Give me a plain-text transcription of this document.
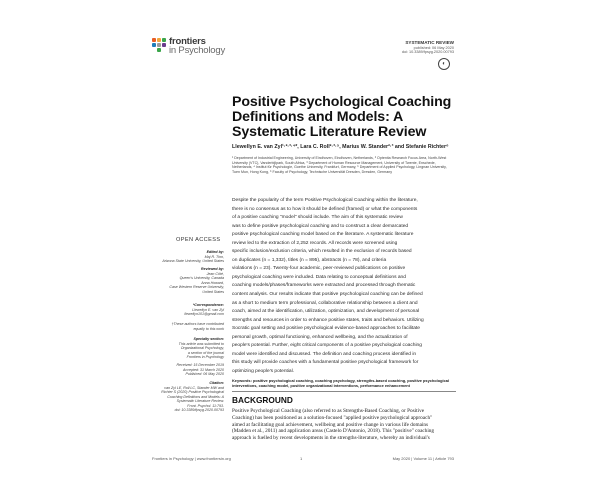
frontiers
in Psychology
SYSTEMATIC REVIEW
published: 06 May 2020
doi: 10.3389/fpsyg.2020.00793
◐
Positive Psychological Coaching Definitions and Models: A Systematic Literature Review
Llewellyn E. van Zyl¹·²·³·⁴*, Lara C. Roll²·³·⁵, Marius W. Stander²·³ and Stefanie Richter⁶
¹ Department of Industrial Engineering, University of Eindhoven, Eindhoven, Netherlands, ² Optentia Research Focus Area, North-West University (VTC), Vanderbijlpark, South Africa, ³ Department of Human Resource Management, University of Twente, Enschede, Netherlands, ⁴ Institut für Psychologie, Goethe University, Frankfurt, Germany, ⁵ Department of Applied Psychology, Lingnan University, Tuen Mun, Hong Kong, ⁶ Faculty of Psychology, Technische Universität Dresden, Dresden, Germany
OPEN ACCESS
Edited by:
Maj R. Tinn,
Arizona State University, United States
Reviewed by:
Jean Côté,
Queen's University, Canada
Anna Howard,
Case Western Reserve University,
United States
*Correspondence:
Llewellyn E. van Zyl
llewellyn101@gmail.com
†These authors have contributed
equally to this work
Specialty section:
This article was submitted to
Organizational Psychology,
a section of the journal
Frontiers in Psychology
Received: 15 December 2019
Accepted: 31 March 2020
Published: 06 May 2020
Citation:
van Zyl LE, Roll LC, Stander MW and
Richter S (2020) Positive Psychological
Coaching Definitions and Models: A
Systematic Literature Review.
Front. Psychol. 11:793.
doi: 10.3389/fpsyg.2020.00793
Despite the popularity of the term Positive Psychological Coaching within the literature,
there is no consensus as to how it should be defined (framed) or what the components
of a positive coaching "model" should include. The aim of this systematic review
was to define positive psychological coaching and to construct a clear demarcated
positive psychological coaching model based on the literature. A systematic literature
review led to the extraction of 2,252 records. All records were screened using
specific inclusion/exclusion criteria, which resulted in the exclusion of records based
on duplicates (n = 1,332), titles (n = 895), abstracts (n = 78), and criteria
violations (n = 23). Twenty-four academic, peer-reviewed publications on positive
psychological coaching were included. Data relating to conceptual definitions and
coaching models/phases/frameworks were extracted and processed through thematic
content analysis. Our results indicate that positive psychological coaching can be defined
as a short to medium term professional, collaborative relationship between a client and
coach, aimed at the identification, utilization, optimization, and development of personal
strengths and resources in order to enhance positive states, traits and behaviors. Utilizing
Socratic goal setting and positive psychological evidence-based approaches to facilitate
personal growth, optimal functioning, enhanced wellbeing, and the actualization of
people's potential. Further, eight critical components of a positive psychological coaching
model were identified and discussed. The definition and coaching process identified in
this study will provide coaches with a fundamental positive psychological framework for
optimizing people's potential.
Keywords: positive psychological coaching, coaching psychology, strengths-based coaching, positive psychological interventions, coaching model, positive organizational interventions, performance enhancement
BACKGROUND
Positive Psychological Coaching (also referred to as Strengths-Based Coaching, or Positive
Coaching) has been positioned as a solution-focused "applied positive psychological approach"
aimed at facilitating goal achievement, wellbeing and positive change in various life domains
(Madden et al., 2011) and application areas (Castelo D'Antonio, 2018). This "positive" coaching
approach is fuelled by recent developments in the strengths-literature, whereby an individual's
Frontiers in Psychology | www.frontiersin.org	1	May 2020 | Volume 11 | Article 793
